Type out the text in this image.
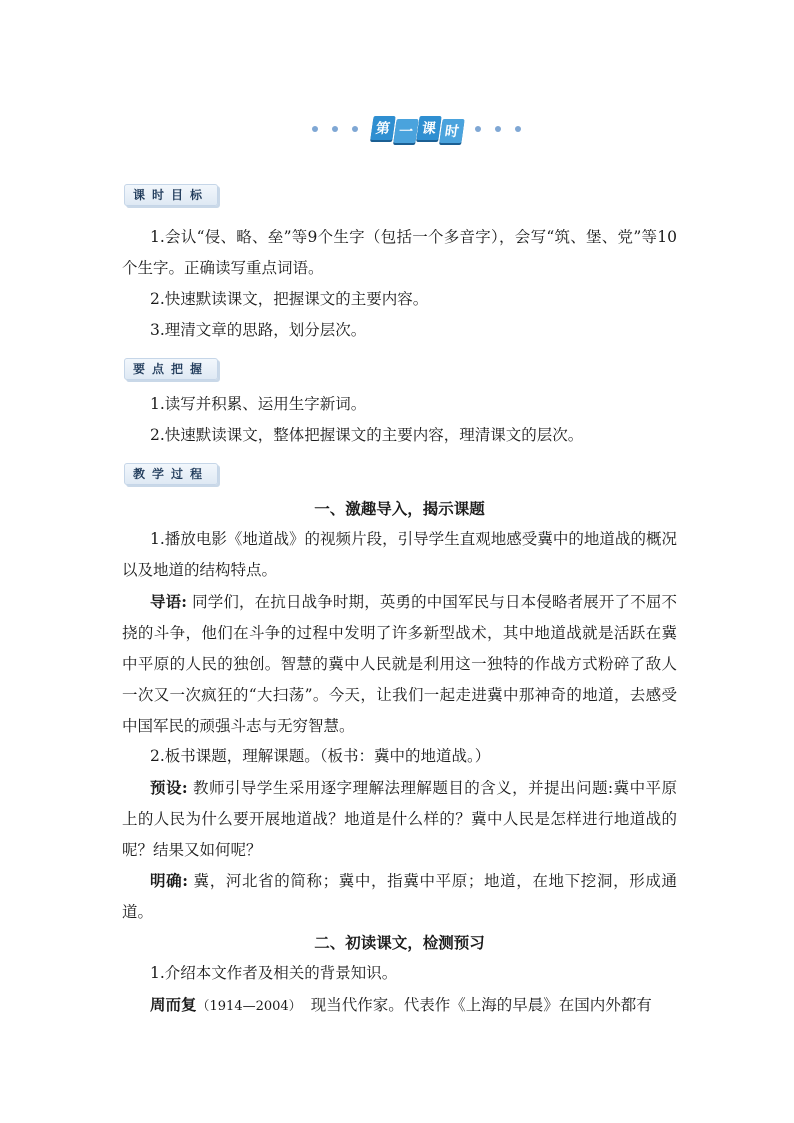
第 一 课 时
课时目标

1.会认“侵、略、垒”等9个生字（包括一个多音字），会写“筑、堡、党”等10个生字。正确读写重点词语。

2.快速默读课文，把握课文的主要内容。

3.理清文章的思路，划分层次。

要点把握

1.读写并积累、运用生字新词。

2.快速默读课文，整体把握课文的主要内容，理清课文的层次。

教学过程
一、激趣导入，揭示课题

1.播放电影《地道战》的视频片段，引导学生直观地感受冀中的地道战的概况以及地道的结构特点。

导语: 同学们，在抗日战争时期，英勇的中国军民与日本侵略者展开了不屈不挠的斗争，他们在斗争的过程中发明了许多新型战术，其中地道战就是活跃在冀中平原的人民的独创。智慧的冀中人民就是利用这一独特的作战方式粉碎了敌人一次又一次疯狂的“大扫荡”。今天，让我们一起走进冀中那神奇的地道，去感受中国军民的顽强斗志与无穷智慧。

2.板书课题，理解课题。（板书：冀中的地道战。）

预设: 教师引导学生采用逐字理解法理解题目的含义，并提出问题:冀中平原上的人民为什么要开展地道战？地道是什么样的？冀中人民是怎样进行地道战的呢？结果又如何呢？

明确: 冀，河北省的简称；冀中，指冀中平原；地道，在地下挖洞，形成通道。

二、初读课文，检测预习

1.介绍本文作者及相关的背景知识。

周而复（1914—2004）　现当代作家。代表作《上海的早晨》在国内外都有
